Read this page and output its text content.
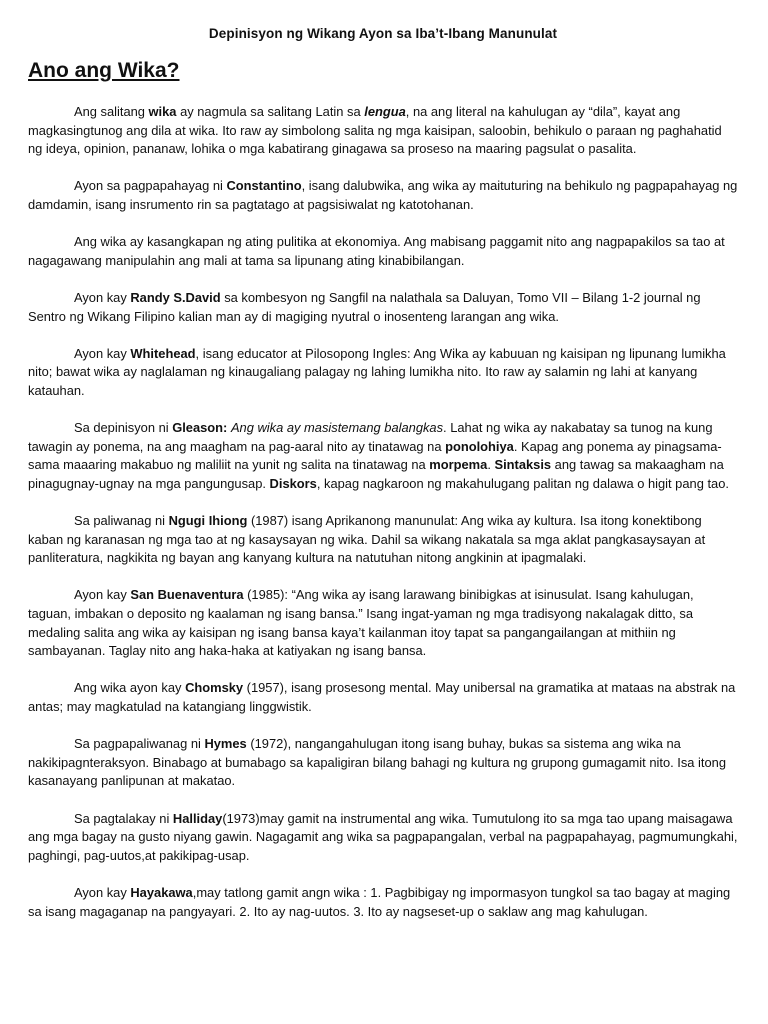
Depinisyon ng Wikang Ayon sa Iba’t-Ibang Manunulat
Ano ang Wika?

Ang salitang wika ay nagmula sa salitang Latin sa lengua, na ang literal na kahulugan ay “dila”, kayat ang magkasingtunog ang dila at wika. Ito raw ay simbolong salita ng mga kaisipan, saloobin, behikulo o paraan ng paghahatid ng ideya, opinion, pananaw, lohika o mga kabatirang ginagawa sa proseso na maaring pagsulat o pasalita.

Ayon sa pagpapahayag ni Constantino, isang dalubwika, ang wika ay maituturing na behikulo ng pagpapahayag ng damdamin, isang insrumento rin sa pagtatago at pagsisiwalat ng katotohanan.

Ang wika ay kasangkapan ng ating pulitika at ekonomiya. Ang mabisang paggamit nito ang nagpapakilos sa tao at nagagawang manipulahin ang mali at tama sa lipunang ating kinabibilangan.

Ayon kay Randy S.David sa kombesyon ng Sangfil na nalathala sa Daluyan, Tomo VII – Bilang 1-2 journal ng Sentro ng Wikang Filipino kalian man ay di magiging nyutral o inosenteng larangan ang wika.

Ayon kay Whitehead, isang educator at Pilosopong Ingles: Ang Wika ay kabuuan ng kaisipan ng lipunang lumikha nito; bawat wika ay naglalaman ng kinaugaliang palagay ng lahing lumikha nito. Ito raw ay salamin ng lahi at kanyang katauhan.

Sa depinisyon ni Gleason: Ang wika ay masistemang balangkas. Lahat ng wika ay nakabatay sa tunog na kung tawagin ay ponema, na ang maagham na pag-aaral nito ay tinatawag na ponolohiya. Kapag ang ponema ay pinagsama-sama maaaring makabuo ng maliliit na yunit ng salita na tinatawag na morpema. Sintaksis ang tawag sa makaagham na pinagugnay-ugnay na mga pangungusap. Diskors, kapag nagkaroon ng makahulugang palitan ng dalawa o higit pang tao.

Sa paliwanag ni Ngugi Ihiong (1987) isang Aprikanong manunulat: Ang wika ay kultura. Isa itong konektibong kaban ng karanasan ng mga tao at ng kasaysayan ng wika. Dahil sa wikang nakatala sa mga aklat pangkasaysayan at panliteratura, nagkikita ng bayan ang kanyang kultura na natutuhan nitong angkinin at ipagmalaki.

Ayon kay San Buenaventura (1985): “Ang wika ay isang larawang binibigkas at isinusulat. Isang kahulugan, taguan, imbakan o deposito ng kaalaman ng isang bansa.” Isang ingat-yaman ng mga tradisyong nakalagak ditto, sa medaling salita ang wika ay kaisipan ng isang bansa kaya’t kailanman itoy tapat sa pangangailangan at mithiin ng sambayanan. Taglay nito ang haka-haka at katiyakan ng isang bansa.

Ang wika ayon kay Chomsky (1957), isang prosesong mental. May unibersal na gramatika at mataas na abstrak na antas; may magkatulad na katangiang linggwistik.

Sa pagpapaliwanag ni Hymes (1972), nangangahulugan itong isang buhay, bukas sa sistema ang wika na nakikipagnteraksyon. Binabago at bumabago sa kapaligiran bilang bahagi ng kultura ng grupong gumagamit nito. Isa itong kasanayang panlipunan at makatao.

Sa pagtalakay ni Halliday(1973)may gamit na instrumental ang wika. Tumutulong ito sa mga tao upang maisagawa ang mga bagay na gusto niyang gawin. Nagagamit ang wika sa pagpapangalan, verbal na pagpapahayag, pagmumungkahi, paghingi, pag-uutos,at pakikipag-usap.

Ayon kay Hayakawa,may tatlong gamit angn wika : 1. Pagbibigay ng impormasyon tungkol sa tao bagay at maging sa isang magaganap na pangyayari. 2. Ito ay nag-uutos. 3. Ito ay nagseset-up o saklaw ang mag kahulugan.
